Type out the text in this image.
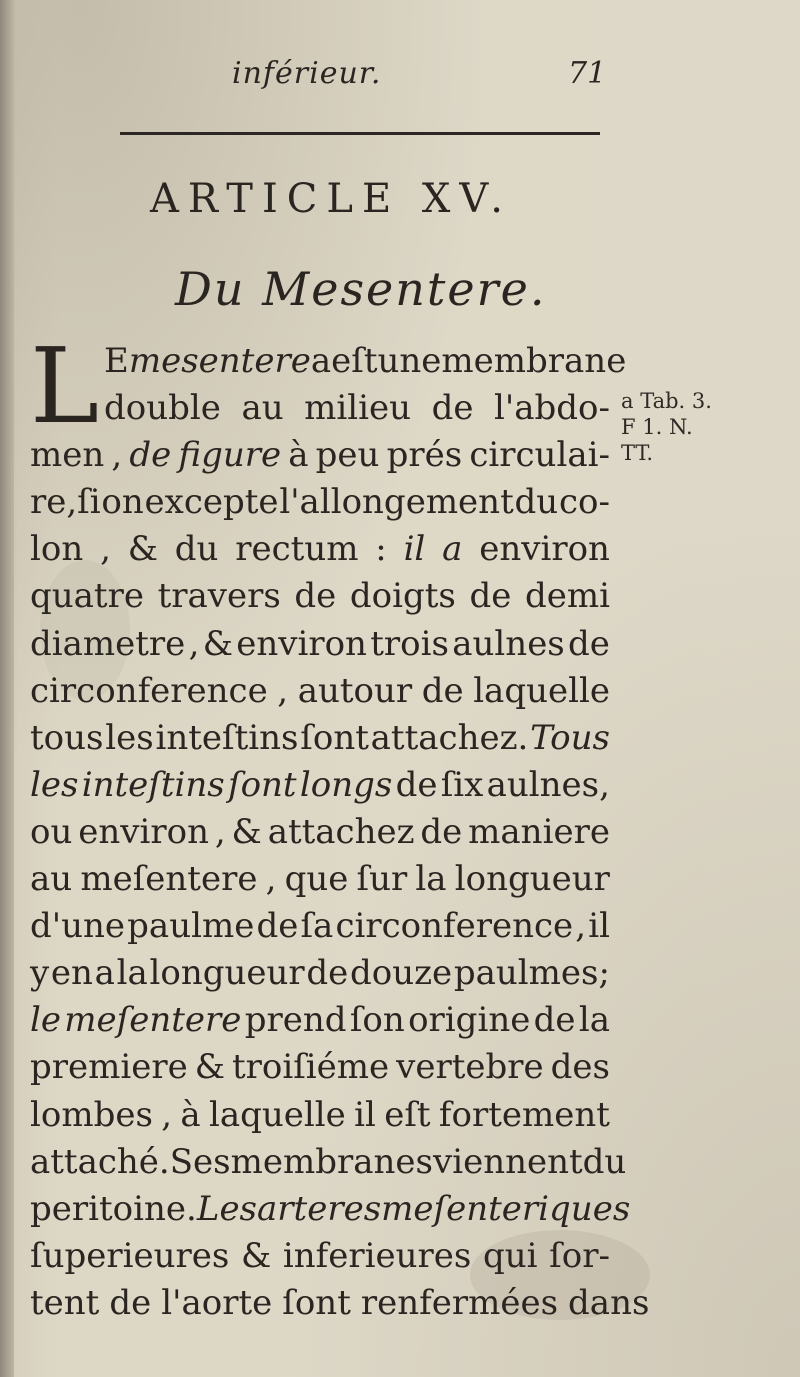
inférieur.	71
ARTICLE XV.
Du Mesentere.
L E mesentere a eſt une membrane
double au milieu de l'abdo-
men , de figure à peu prés circulai-
re,ſi on excepte l'allongement du co-
lon , & du rectum : il a environ
quatre travers de doigts de demi
diametre , & environ trois aulnes de
circonference , autour de laquelle
tous les inteſtins ſont attachez. Tous
les inteſtins ſont longs de ſix aulnes,
ou environ , & attachez de maniere
au meſentere , que ſur la longueur
d'une paulme de ſa circonference , il
y en a la longueur de douze paulmes;
le meſentere prend ſon origine de la
premiere & troiſiéme vertebre des
lombes , à laquelle il eſt fortement
attaché. Ses membranes viennent du
peritoine. Les arteres meſenteriques
ſuperieures & inferieures qui ſor-
tent de l'aorte ſont renfermées dans
a Tab. 3.
F 1. N.
TT.
